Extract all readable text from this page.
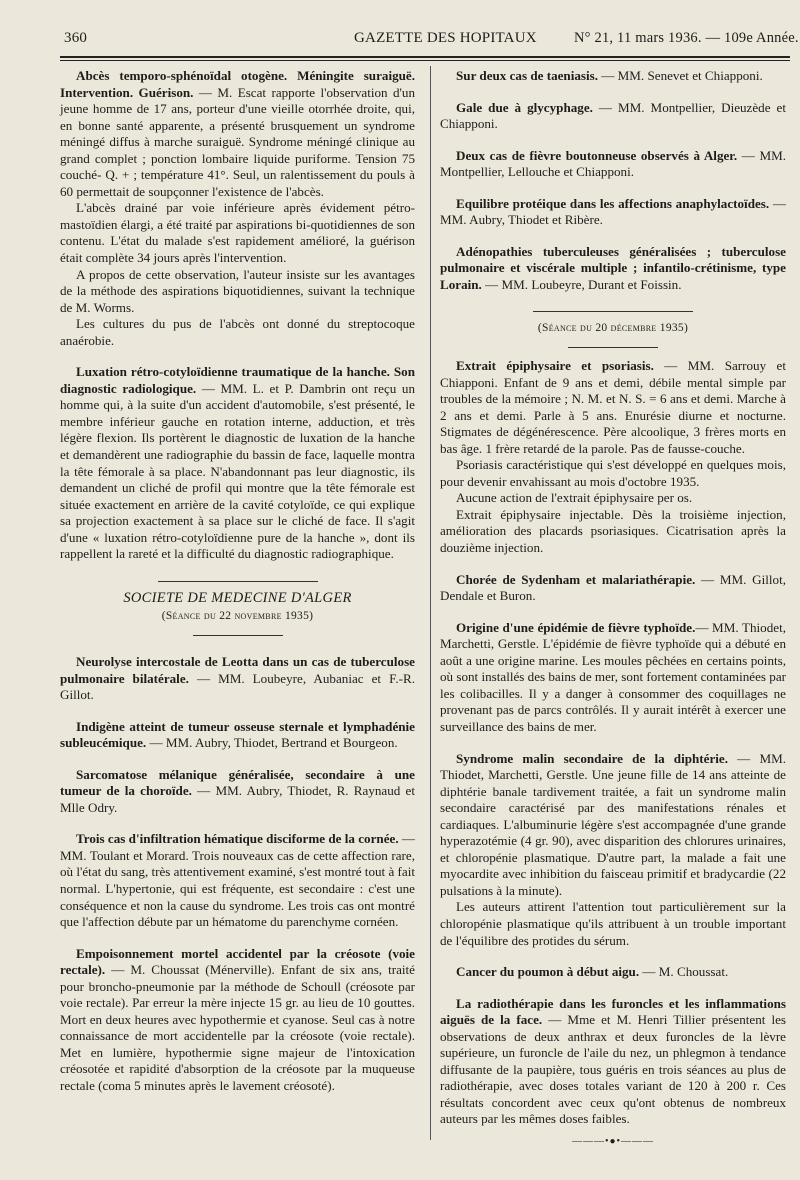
360	GAZETTE DES HOPITAUX	N° 21, 11 mars 1936. — 109e Année.

Abcès temporo-sphénoïdal otogène. Méningite suraiguë. Intervention. Guérison. — M. Escat rapporte l'observation d'un jeune homme de 17 ans, porteur d'une vieille otorrhée droite, qui, en bonne santé apparente, a présenté brusquement un syndrome méningé diffus à marche suraiguë. Syndrome méningé clinique au grand complet ; ponction lombaire liquide puriforme. Tension 75 couché- Q. + ; température 41°. Seul, un ralentissement du pouls à 60 permettait de soupçonner l'existence de l'abcès.

L'abcès drainé par voie inférieure après évidement pétro-mastoïdien élargi, a été traité par aspirations bi-quotidiennes de son contenu. L'état du malade s'est rapidement amélioré, la guérison était complète 34 jours après l'intervention.

A propos de cette observation, l'auteur insiste sur les avantages de la méthode des aspirations biquotidiennes, suivant la technique de M. Worms.

Les cultures du pus de l'abcès ont donné du streptocoque anaérobie.

Luxation rétro-cotyloïdienne traumatique de la hanche. Son diagnostic radiologique. — MM. L. et P. Dambrin ont reçu un homme qui, à la suite d'un accident d'automobile, s'est présenté, le membre inférieur gauche en rotation interne, adduction, et très légère flexion. Ils portèrent le diagnostic de luxation de la hanche et demandèrent une radiographie du bassin de face, laquelle montra la tête fémorale à sa place. N'abandonnant pas leur diagnostic, ils demandent un cliché de profil qui montre que la tête fémorale est située exactement en arrière de la cavité cotyloïde, ce qui explique sa projection exactement à sa place sur le cliché de face. Il s'agit d'une « luxation rétro-cotyloïdienne pure de la hanche », dont ils rappellent la rareté et la difficulté du diagnostic radiographique.

SOCIETE DE MEDECINE D'ALGER
(Séance du 22 novembre 1935)

Neurolyse intercostale de Leotta dans un cas de tuberculose pulmonaire bilatérale. — MM. Loubeyre, Aubaniac et F.-R. Gillot.

Indigène atteint de tumeur osseuse sternale et lymphadénie subleucémique. — MM. Aubry, Thiodet, Bertrand et Bourgeon.

Sarcomatose mélanique généralisée, secondaire à une tumeur de la choroïde. — MM. Aubry, Thiodet, R. Raynaud et Mlle Odry.

Trois cas d'infiltration hématique disciforme de la cornée. — MM. Toulant et Morard. Trois nouveaux cas de cette affection rare, où l'état du sang, très attentivement examiné, s'est montré tout à fait normal. L'hypertonie, qui est fréquente, est secondaire : c'est une conséquence et non la cause du syndrome. Les trois cas ont montré que l'affection débute par un hématome du parenchyme cornéen.

Empoisonnement mortel accidentel par la créosote (voie rectale). — M. Choussat (Ménerville). Enfant de six ans, traité pour broncho-pneumonie par la méthode de Schoull (créosote par voie rectale). Par erreur la mère injecte 15 gr. au lieu de 10 gouttes. Mort en deux heures avec hypothermie et cyanose. Seul cas à notre connaissance de mort accidentelle par la créosote (voie rectale). Met en lumière, hypothermie signe majeur de l'intoxication créosotée et rapidité d'absorption de la créosote par la muqueuse rectale (coma 5 minutes après le lavement créosoté).

Sur deux cas de taeniasis. — MM. Senevet et Chiapponi.

Gale due à glycyphage. — MM. Montpellier, Dieuzède et Chiapponi.

Deux cas de fièvre boutonneuse observés à Alger. — MM. Montpellier, Lellouche et Chiapponi.

Equilibre protéique dans les affections anaphylactoïdes. — MM. Aubry, Thiodet et Ribère.

Adénopathies tuberculeuses généralisées ; tuberculose pulmonaire et viscérale multiple ; infantilo-crétinisme, type Lorain. — MM. Loubeyre, Durant et Foissin.

(Séance du 20 décembre 1935)

Extrait épiphysaire et psoriasis. — MM. Sarrouy et Chiapponi. Enfant de 9 ans et demi, débile mental simple par troubles de la mémoire ; N. M. et N. S. = 6 ans et demi. Marche à 2 ans et demi. Parle à 5 ans. Enurésie diurne et nocturne. Stigmates de dégénérescence. Père alcoolique, 3 frères morts en bas âge. 1 frère retardé de la parole. Pas de fausse-couche.

Psoriasis caractéristique qui s'est développé en quelques mois, pour devenir envahissant au mois d'octobre 1935.

Aucune action de l'extrait épiphysaire per os.

Extrait épiphysaire injectable. Dès la troisième injection, amélioration des placards psoriasiques. Cicatrisation après la douzième injection.

Chorée de Sydenham et malariathérapie. — MM. Gillot, Dendale et Buron.

Origine d'une épidémie de fièvre typhoïde.— MM. Thiodet, Marchetti, Gerstle. L'épidémie de fièvre typhoïde qui a débuté en août a une origine marine. Les moules pêchées en certains points, où sont installés des bains de mer, sont fortement contaminées par les colibacilles. Il y a danger à consommer des coquillages ne provenant pas de parcs contrôlés. Il y aurait intérêt à exercer une surveillance des bains de mer.

Syndrome malin secondaire de la diphtérie. — MM. Thiodet, Marchetti, Gerstle. Une jeune fille de 14 ans atteinte de diphtérie banale tardivement traitée, a fait un syndrome malin secondaire caractérisé par des manifestations rénales et cardiaques. L'albuminurie légère s'est accompagnée d'une grande hyperazotémie (4 gr. 90), avec disparition des chlorures urinaires, et chloropénie plasmatique. D'autre part, la malade a fait une myocardite avec inhibition du faisceau primitif et bradycardie (22 pulsations à la minute).

Les auteurs attirent l'attention tout particulièrement sur la chloropénie plasmatique qu'ils attribuent à un trouble important de l'équilibre des protides du sérum.

Cancer du poumon à début aigu. — M. Choussat.

La radiothérapie dans les furoncles et les inflammations aiguës de la face. — Mme et M. Henri Tillier présentent les observations de deux anthrax et deux furoncles de la lèvre supérieure, un furoncle de l'aile du nez, un phlegmon à tendance diffusante de la paupière, tous guéris en trois séances au plus de radiothérapie, avec doses totales variant de 120 à 200 r. Ces résultats concordent avec ceux qu'ont obtenus de nombreux auteurs par les mêmes doses faibles.

———•●•———
